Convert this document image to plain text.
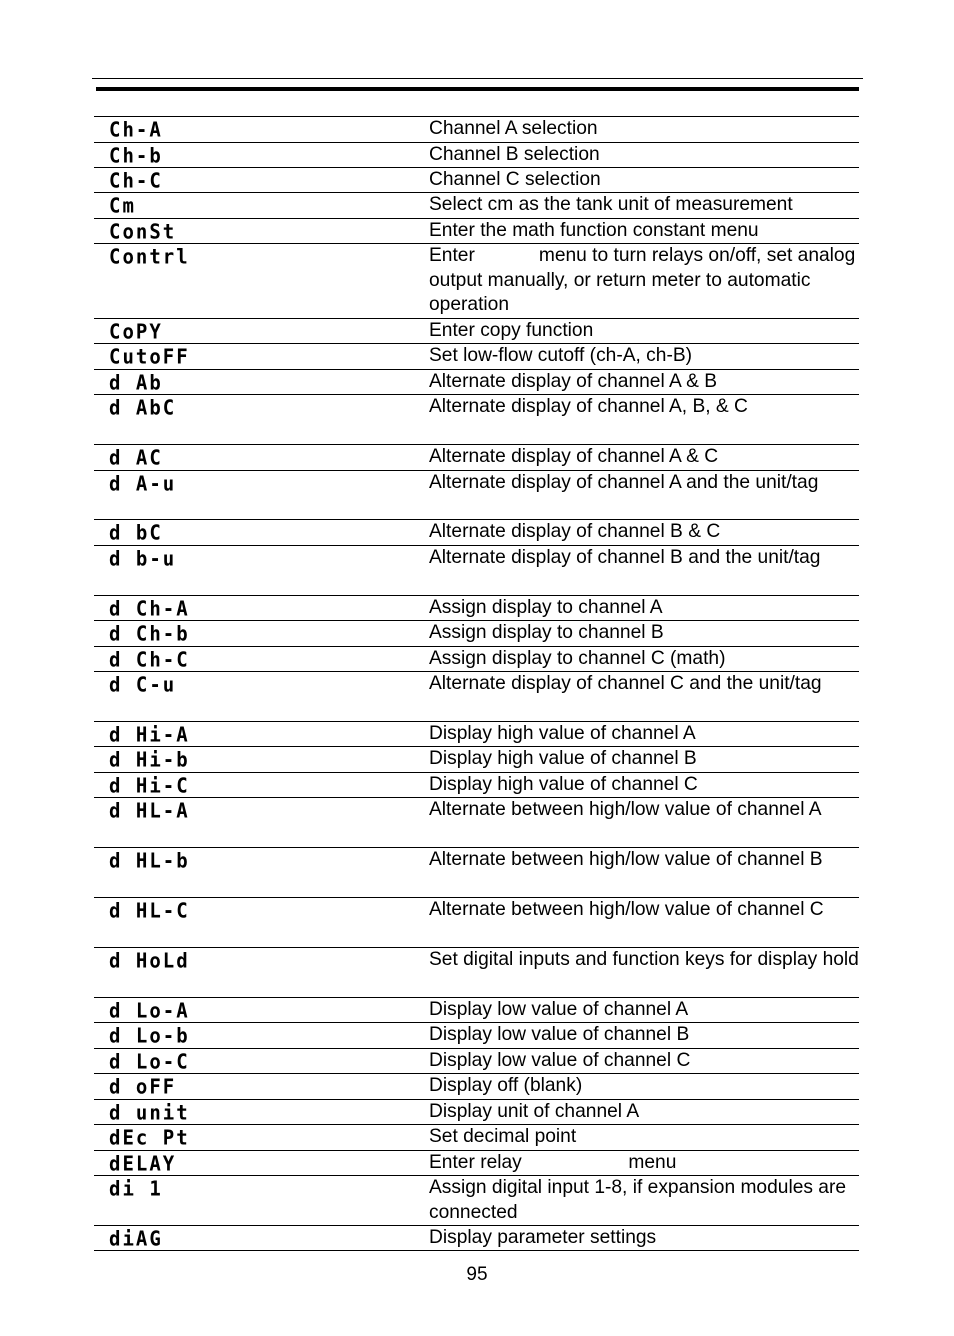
Ch-A	Channel A selection
Ch-b	Channel B selection
Ch-C	Channel C selection
Cm	Select cm as the tank unit of measurement
ConSt	Enter the math function constant menu
Contrl	Enter            menu to turn relays on/off, set analog output manually, or return meter to automatic operation
CoPY	Enter copy function
CutoFF	Set low-flow cutoff (ch-A, ch-B)
d Ab	Alternate display of channel A & B
d AbC	Alternate display of channel A, B, & C
d AC	Alternate display of channel A & C
d A-u	Alternate display of channel A and the unit/tag
d bC	Alternate display of channel B & C
d b-u	Alternate display of channel B and the unit/tag
d Ch-A	Assign display to channel A
d Ch-b	Assign display to channel B
d Ch-C	Assign display to channel C (math)
d C-u	Alternate display of channel C and the unit/tag
d Hi-A	Display high value of channel A
d Hi-b	Display high value of channel B
d Hi-C	Display high value of channel C
d HL-A	Alternate between high/low value of channel A
d HL-b	Alternate between high/low value of channel B
d HL-C	Alternate between high/low value of channel C
d HoLd	Set digital inputs and function keys for display hold
d Lo-A	Display low value of channel A
d Lo-b	Display low value of channel B
d Lo-C	Display low value of channel C
d oFF	Display off (blank)
d unit	Display unit of channel A
dEc Pt	Set decimal point
dELAY	Enter relay                    menu
di 1	Assign digital input 1-8, if expansion modules are connected
diAG	Display parameter settings
95
